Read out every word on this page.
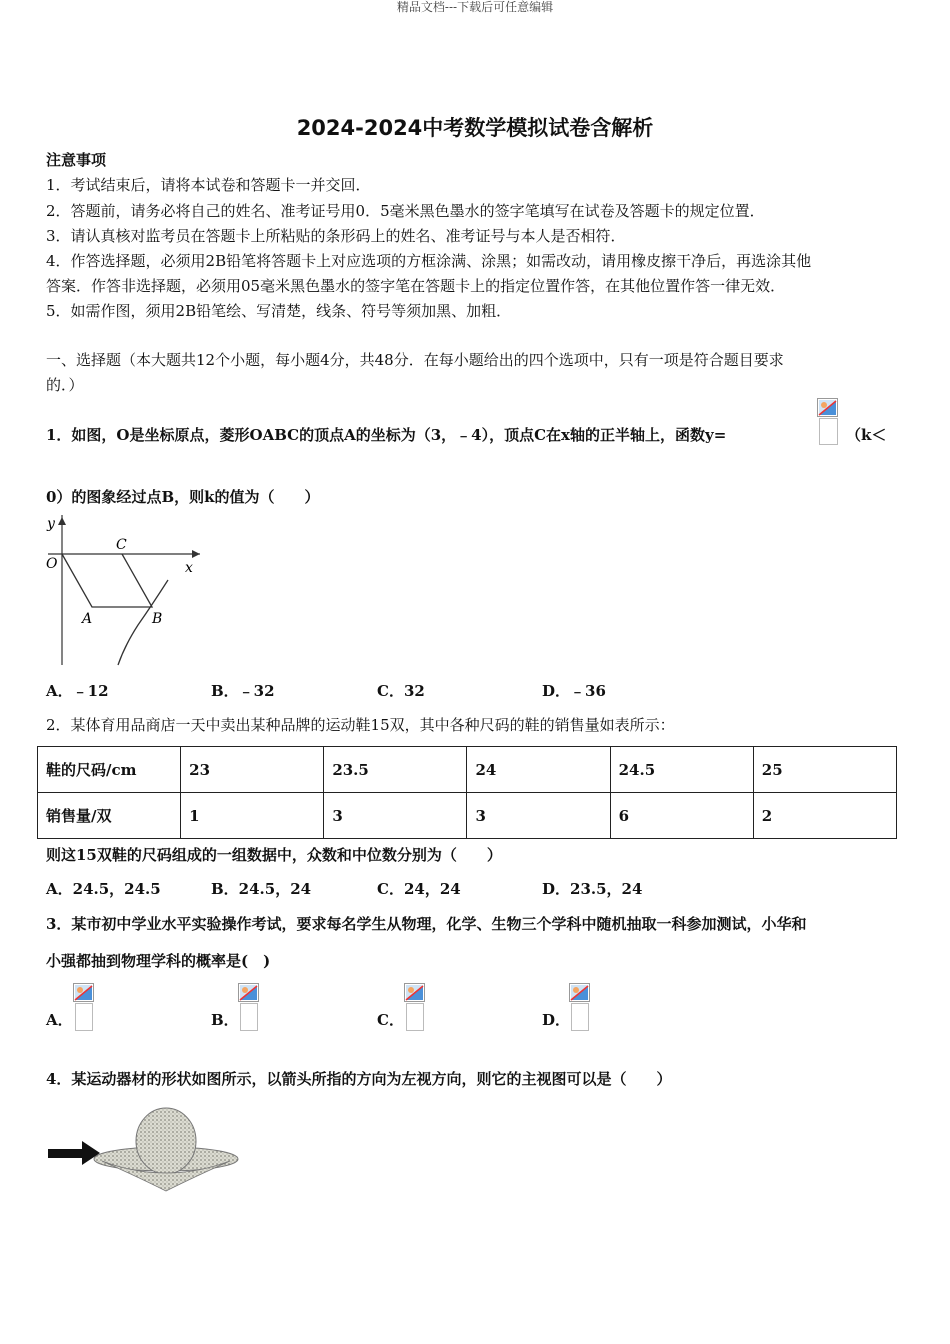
精品文档---下载后可任意编辑
2024-2024中考数学模拟试卷含解析
注意事项
1．考试结束后，请将本试卷和答题卡一并交回．
2．答题前，请务必将自己的姓名、准考证号用0．5毫米黑色墨水的签字笔填写在试卷及答题卡的规定位置．
3．请认真核对监考员在答题卡上所粘贴的条形码上的姓名、准考证号与本人是否相符．
4．作答选择题，必须用2B铅笔将答题卡上对应选项的方框涂满、涂黑；如需改动，请用橡皮擦干净后，再选涂其他
答案．作答非选择题，必须用05毫米黑色墨水的签字笔在答题卡上的指定位置作答，在其他位置作答一律无效．
5．如需作图，须用2B铅笔绘、写清楚，线条、符号等须加黑、加粗．
一、选择题（本大题共12个小题，每小题4分，共48分．在每小题给出的四个选项中，只有一项是符合题目要求
的．）
1．如图，O是坐标原点，菱形OABC的顶点A的坐标为（3，﹣4），顶点C在x轴的正半轴上，函数y=	（k＜
0）的图象经过点B，则k的值为（　　）
y
x
O
A	B
C
A．﹣12	B．﹣32	C．32	D．﹣36
2．某体育用品商店一天中卖出某种品牌的运动鞋15双，其中各种尺码的鞋的销售量如表所示：
鞋的尺码/cm	23	23.5	24	24.5	25
销售量/双	1	3	3	6	2
则这15双鞋的尺码组成的一组数据中，众数和中位数分别为（　　）
A．24.5，24.5	B．24.5，24	C．24，24	D．23.5，24
3．某市初中学业水平实验操作考试，要求每名学生从物理，化学、生物三个学科中随机抽取一科参加测试，小华和
小强都抽到物理学科的概率是(　)
A．	B．	C．	D．
4．某运动器材的形状如图所示，以箭头所指的方向为左视方向，则它的主视图可以是（　　）
